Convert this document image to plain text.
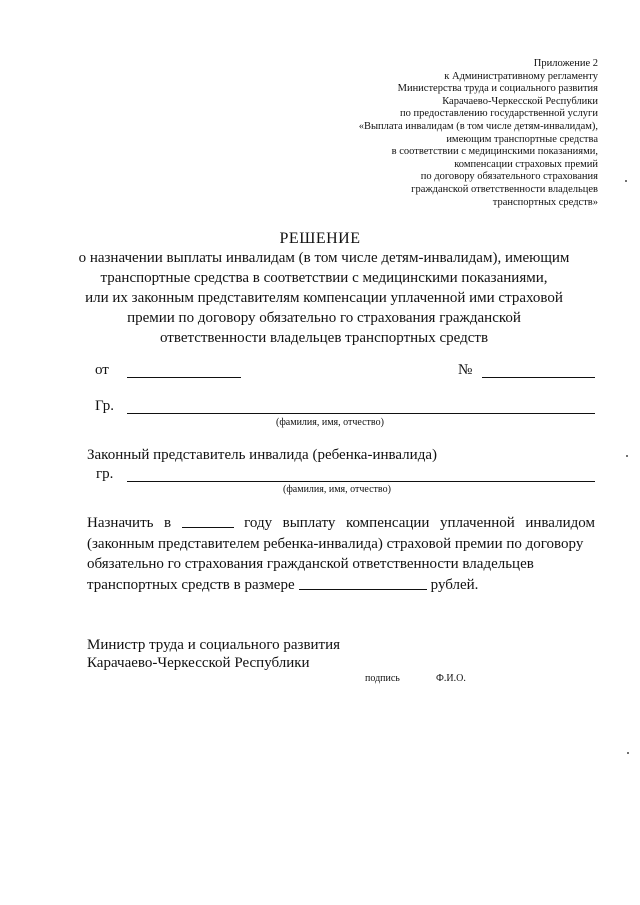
Приложение 2
к Административному регламенту
Министерства труда и социального развития
Карачаево-Черкесской Республики
по предоставлению государственной услуги
«Выплата инвалидам (в том числе детям-инвалидам),
имеющим транспортные средства
в соответствии с медицинскими показаниями,
компенсации страховых премий
по договору обязательного страхования
гражданской ответственности владельцев
транспортных средств»
РЕШЕНИЕ
о назначении выплаты инвалидам (в том числе детям-инвалидам), имеющим
транспортные средства в соответствии с медицинскими показаниями,
или их законным представителям компенсации уплаченной ими страховой
премии по договору обязательно го страхования гражданской
ответственности владельцев транспортных средств
от	№
Гр.
(фамилия, имя, отчество)
Законный представитель инвалида (ребенка-инвалида)
гр.
(фамилия, имя, отчество)
Назначить в	году выплату компенсации уплаченной инвалидом
(законным представителем ребенка-инвалида) страховой премии по договору
обязательно го страхования гражданской ответственности владельцев
транспортных средств в размере	рублей.
Министр труда и социального развития
Карачаево-Черкесской Республики
подпись	Ф.И.О.
